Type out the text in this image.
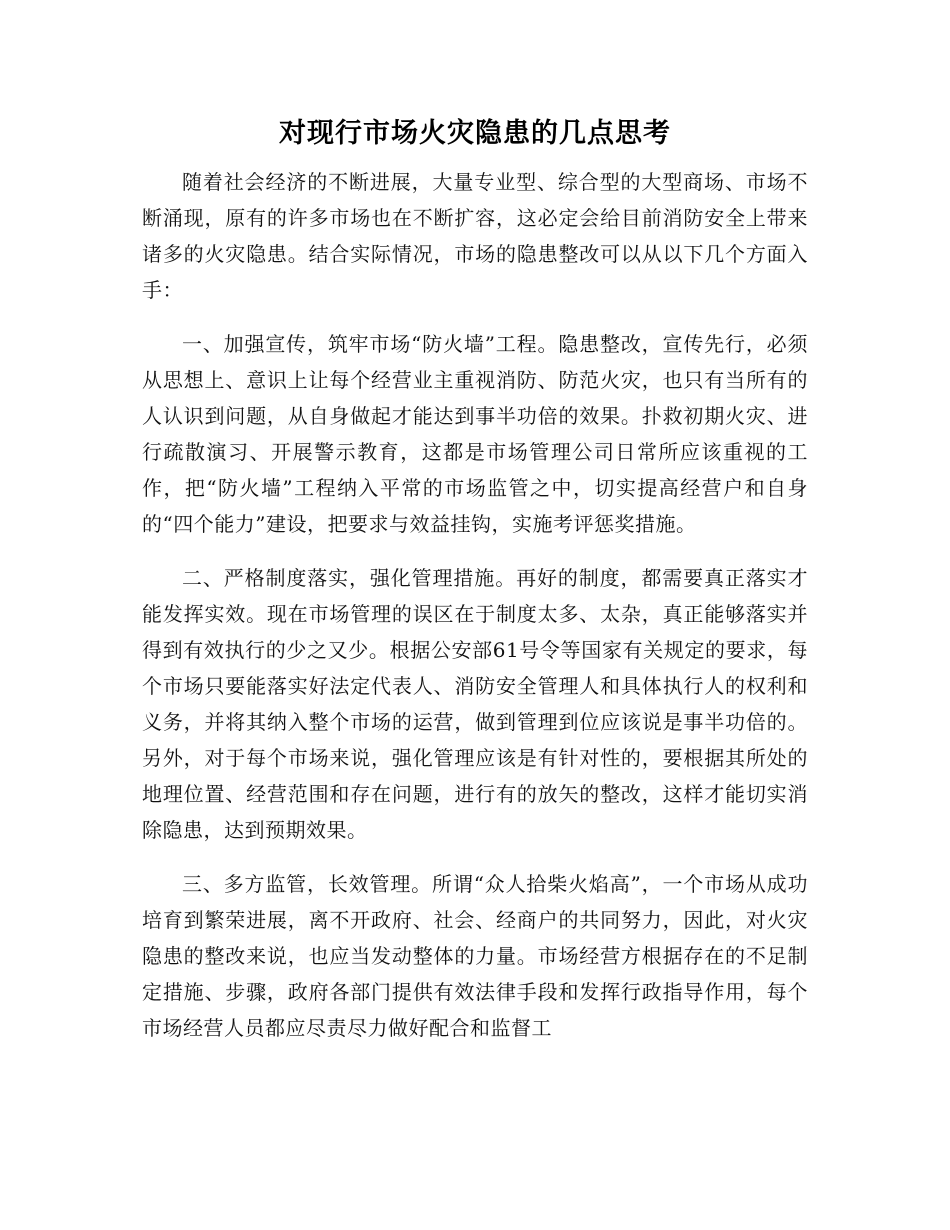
对现行市场火灾隐患的几点思考

随着社会经济的不断进展，大量专业型、综合型的大型商场、市场不断涌现，原有的许多市场也在不断扩容，这必定会给目前消防安全上带来诸多的火灾隐患。结合实际情况，市场的隐患整改可以从以下几个方面入手：

一、加强宣传，筑牢市场“防火墙”工程。隐患整改，宣传先行，必须从思想上、意识上让每个经营业主重视消防、防范火灾，也只有当所有的人认识到问题，从自身做起才能达到事半功倍的效果。扑救初期火灾、进行疏散演习、开展警示教育，这都是市场管理公司日常所应该重视的工作，把“防火墙”工程纳入平常的市场监管之中，切实提高经营户和自身的“四个能力”建设，把要求与效益挂钩，实施考评惩奖措施。

二、严格制度落实，强化管理措施。再好的制度，都需要真正落实才能发挥实效。现在市场管理的误区在于制度太多、太杂，真正能够落实并得到有效执行的少之又少。根据公安部61号令等国家有关规定的要求，每个市场只要能落实好法定代表人、消防安全管理人和具体执行人的权利和义务，并将其纳入整个市场的运营，做到管理到位应该说是事半功倍的。另外，对于每个市场来说，强化管理应该是有针对性的，要根据其所处的地理位置、经营范围和存在问题，进行有的放矢的整改，这样才能切实消除隐患，达到预期效果。

三、多方监管，长效管理。所谓“众人拾柴火焰高”，一个市场从成功培育到繁荣进展，离不开政府、社会、经商户的共同努力，因此，对火灾隐患的整改来说，也应当发动整体的力量。市场经营方根据存在的不足制定措施、步骤，政府各部门提供有效法律手段和发挥行政指导作用，每个市场经营人员都应尽责尽力做好配合和监督工
